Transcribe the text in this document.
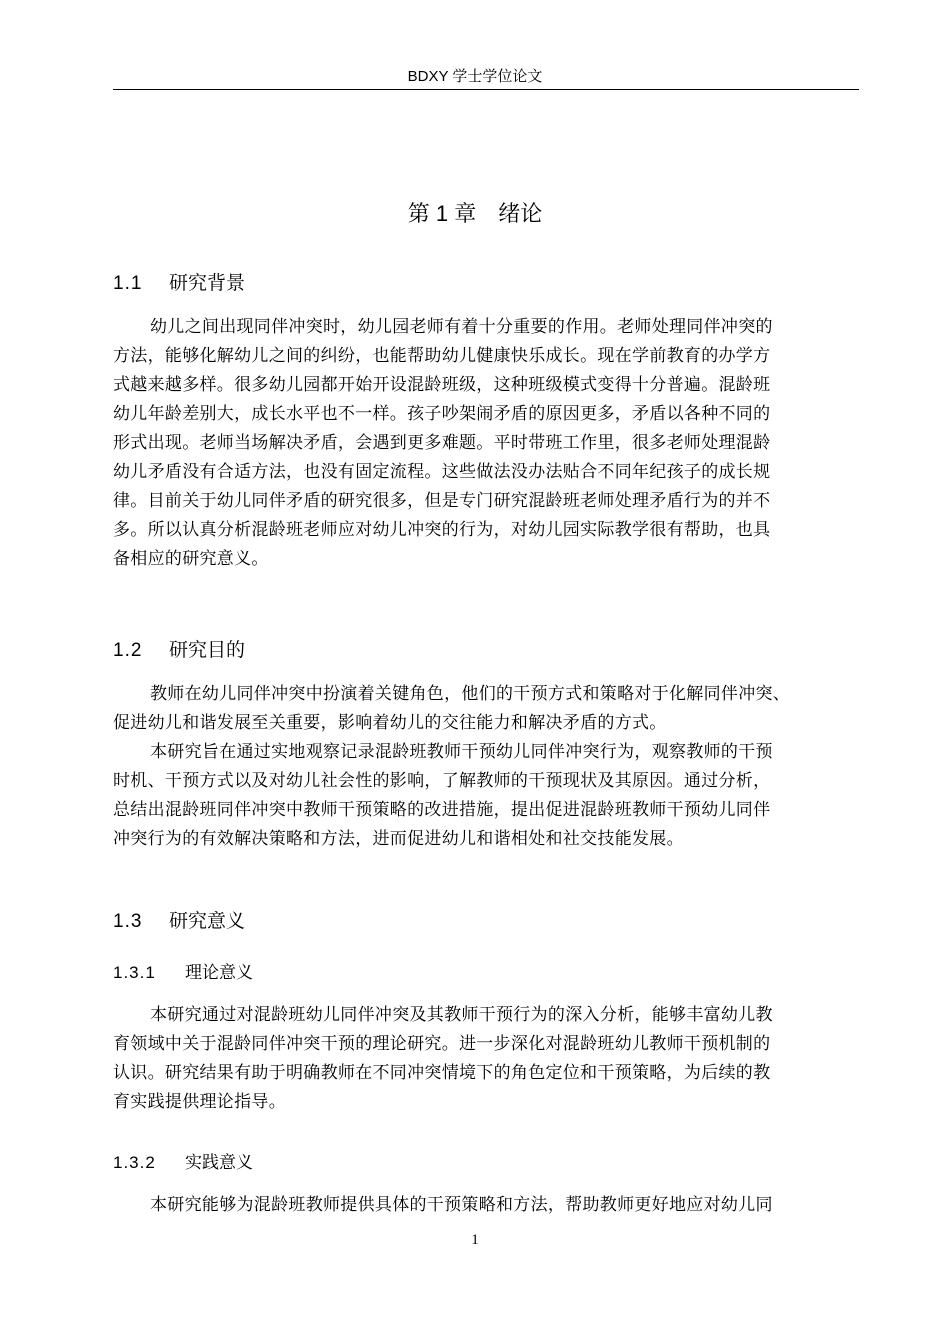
BDXY 学士学位论文
第 1 章 绪论
1.1 研究背景
幼儿之间出现同伴冲突时，幼儿园老师有着十分重要的作用。老师处理同伴冲突的
方法，能够化解幼儿之间的纠纷，也能帮助幼儿健康快乐成长。现在学前教育的办学方
式越来越多样。很多幼儿园都开始开设混龄班级，这种班级模式变得十分普遍。混龄班
幼儿年龄差别大，成长水平也不一样。孩子吵架闹矛盾的原因更多，矛盾以各种不同的
形式出现。老师当场解决矛盾，会遇到更多难题。平时带班工作里，很多老师处理混龄
幼儿矛盾没有合适方法，也没有固定流程。这些做法没办法贴合不同年纪孩子的成长规
律。目前关于幼儿同伴矛盾的研究很多，但是专门研究混龄班老师处理矛盾行为的并不
多。所以认真分析混龄班老师应对幼儿冲突的行为，对幼儿园实际教学很有帮助，也具
备相应的研究意义。
1.2 研究目的
教师在幼儿同伴冲突中扮演着关键角色，他们的干预方式和策略对于化解同伴冲突、
促进幼儿和谐发展至关重要，影响着幼儿的交往能力和解决矛盾的方式。
本研究旨在通过实地观察记录混龄班教师干预幼儿同伴冲突行为，观察教师的干预
时机、干预方式以及对幼儿社会性的影响，了解教师的干预现状及其原因。通过分析，
总结出混龄班同伴冲突中教师干预策略的改进措施，提出促进混龄班教师干预幼儿同伴
冲突行为的有效解决策略和方法，进而促进幼儿和谐相处和社交技能发展。
1.3 研究意义
1.3.1 理论意义
本研究通过对混龄班幼儿同伴冲突及其教师干预行为的深入分析，能够丰富幼儿教
育领域中关于混龄同伴冲突干预的理论研究。进一步深化对混龄班幼儿教师干预机制的
认识。研究结果有助于明确教师在不同冲突情境下的角色定位和干预策略，为后续的教
育实践提供理论指导。
1.3.2 实践意义
本研究能够为混龄班教师提供具体的干预策略和方法，帮助教师更好地应对幼儿同
1
